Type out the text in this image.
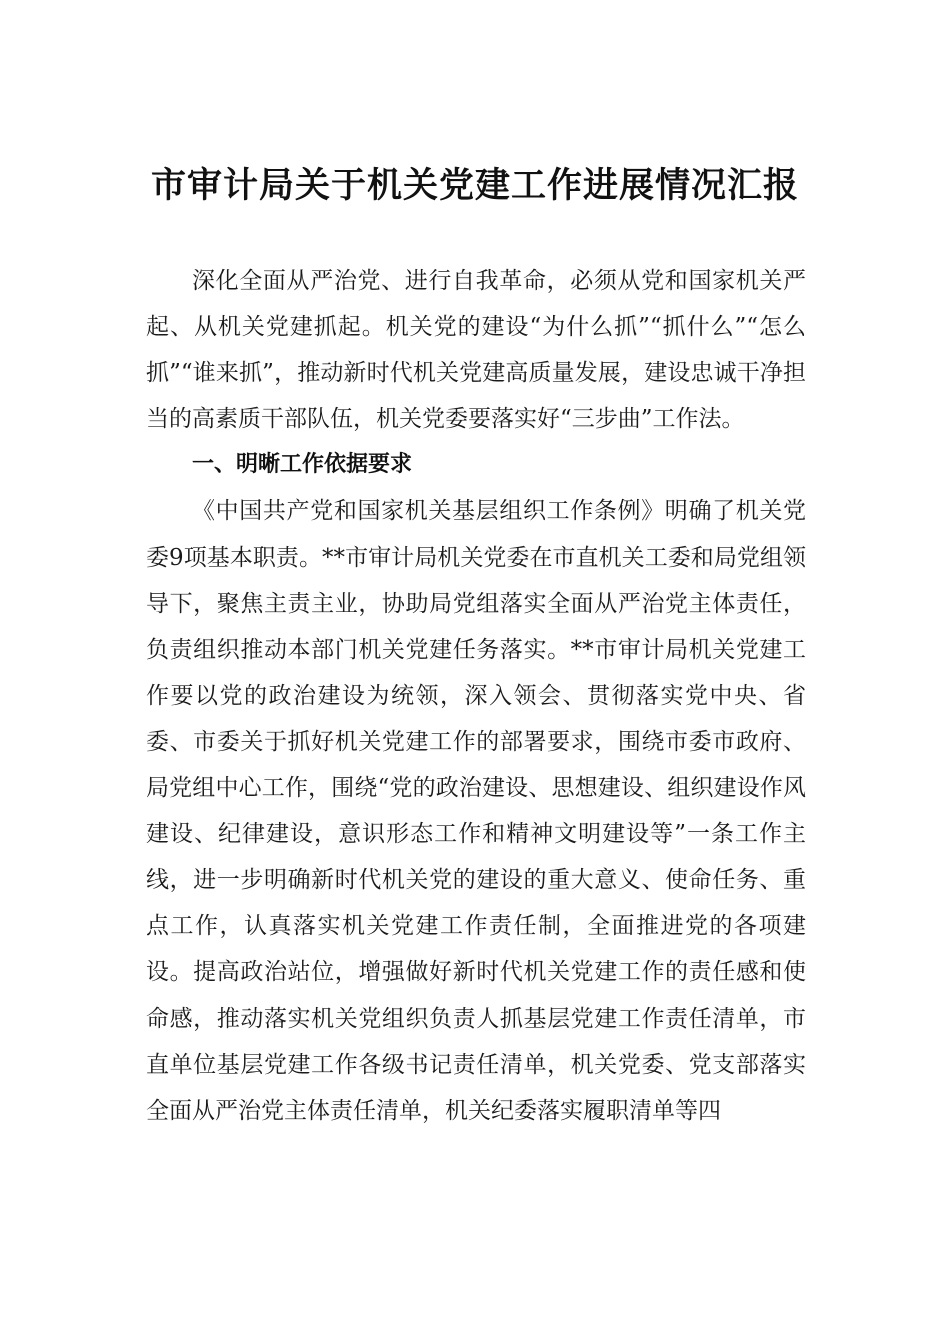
市审计局关于机关党建工作进展情况汇报

深化全面从严治党、进行自我革命，必须从党和国家机关严起、从机关党建抓起。机关党的建设“为什么抓”“抓什么”“怎么抓”“谁来抓”，推动新时代机关党建高质量发展，建设忠诚干净担当的高素质干部队伍，机关党委要落实好“三步曲”工作法。

一、明晰工作依据要求

《中国共产党和国家机关基层组织工作条例》明确了机关党委9项基本职责。**市审计局机关党委在市直机关工委和局党组领导下，聚焦主责主业，协助局党组落实全面从严治党主体责任，负责组织推动本部门机关党建任务落实。**市审计局机关党建工作要以党的政治建设为统领，深入领会、贯彻落实党中央、省委、市委关于抓好机关党建工作的部署要求，围绕市委市政府、局党组中心工作，围绕“党的政治建设、思想建设、组织建设作风建设、纪律建设，意识形态工作和精神文明建设等”一条工作主线，进一步明确新时代机关党的建设的重大意义、使命任务、重点工作，认真落实机关党建工作责任制，全面推进党的各项建设。提高政治站位，增强做好新时代机关党建工作的责任感和使命感，推动落实机关党组织负责人抓基层党建工作责任清单，市直单位基层党建工作各级书记责任清单，机关党委、党支部落实全面从严治党主体责任清单，机关纪委落实履职清单等四
